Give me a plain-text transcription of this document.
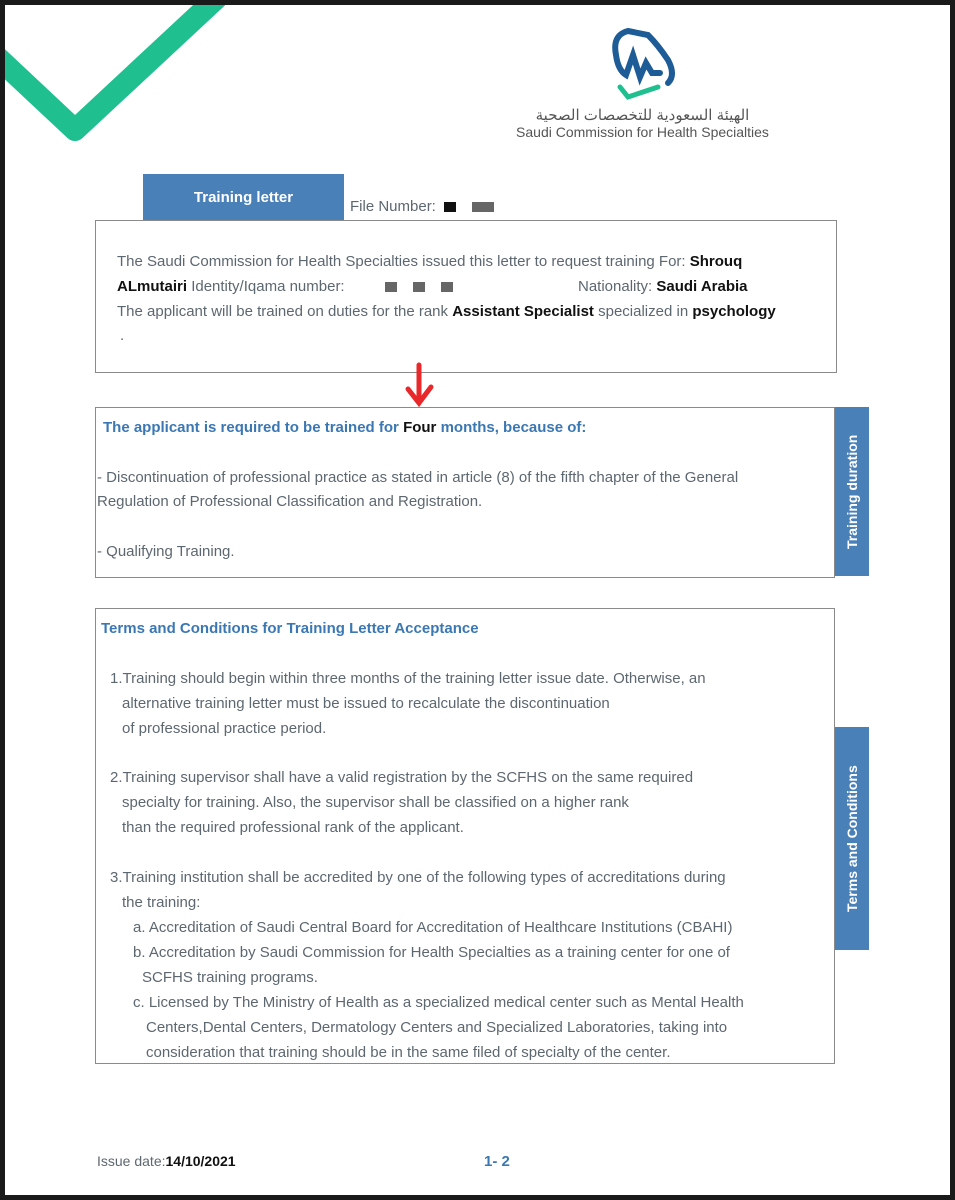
الهيئة السعودية للتخصصات الصحية
Saudi Commission for Health Specialties
Training letter
File Number:
The Saudi Commission for Health Specialties issued this letter to request training For: Shrouq
ALmutairi Identity/Iqama number:	Nationality: Saudi Arabia
The applicant will be trained on duties for the rank Assistant Specialist specialized in psychology
.
The applicant is required to be trained for Four months, because of:
- Discontinuation of professional practice as stated in article (8) of the fifth chapter of the General
Regulation of Professional Classification and Registration.
- Qualifying Training.
Training duration
Terms and Conditions for Training Letter Acceptance
1.Training should begin within three months of the training letter issue date. Otherwise, an
alternative training letter must be issued to recalculate the discontinuation
of professional practice period.
2.Training supervisor shall have a valid registration by the SCFHS on the same required
specialty for training. Also, the supervisor shall be classified on a higher rank
than the required professional rank of the applicant.
3.Training institution shall be accredited by one of the following types of accreditations during
the training:
a. Accreditation of Saudi Central Board for Accreditation of Healthcare Institutions (CBAHI)
b. Accreditation by Saudi Commission for Health Specialties as a training center for one of
SCFHS training programs.
c. Licensed by The Ministry of Health as a specialized medical center such as Mental Health
Centers,Dental Centers, Dermatology Centers and Specialized Laboratories, taking into
consideration that training should be in the same filed of specialty of the center.
Terms and Conditions
Issue date:14/10/2021	1- 2
